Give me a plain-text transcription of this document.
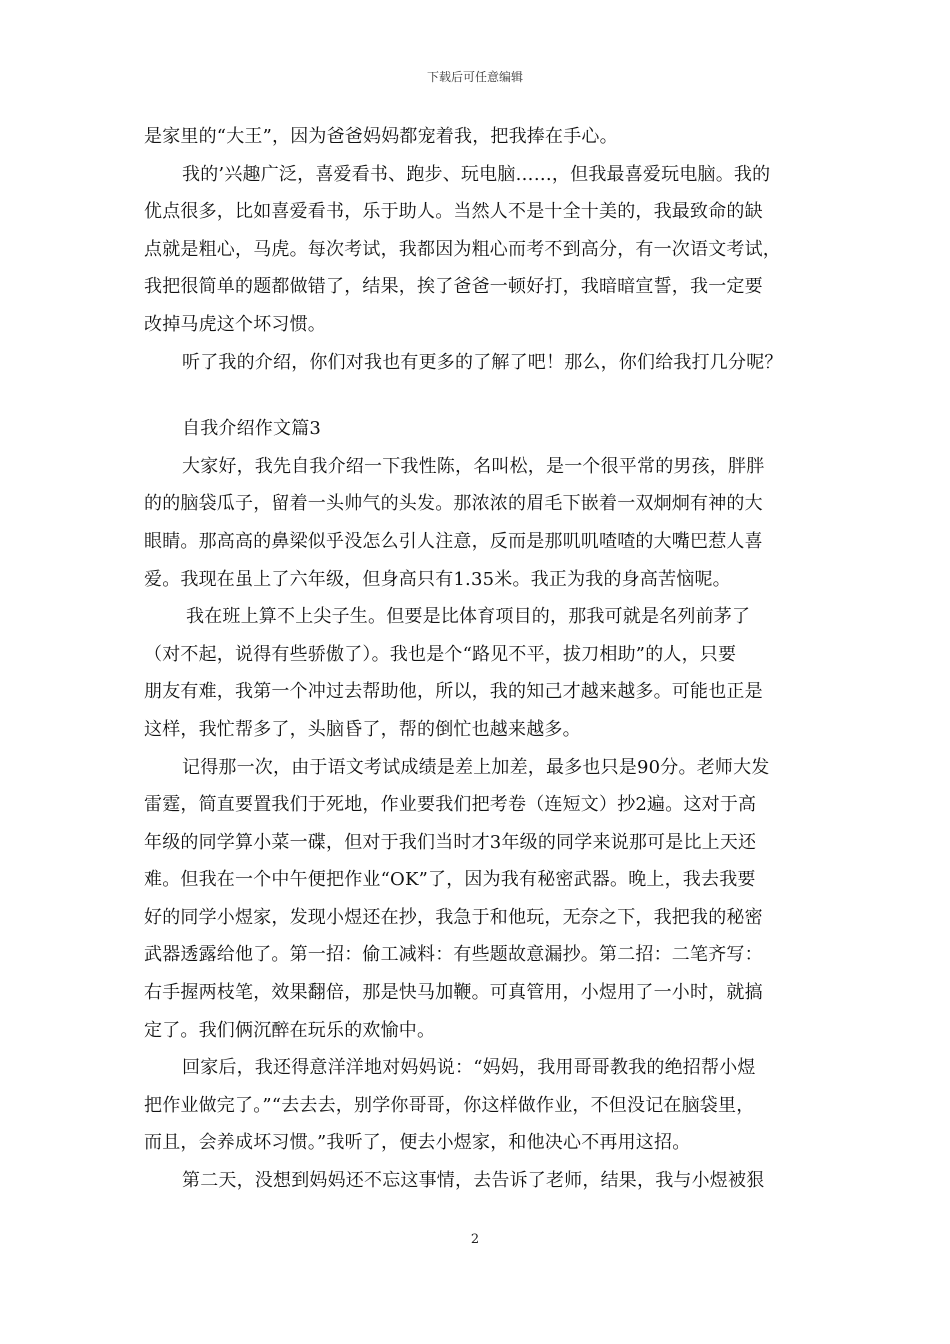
下载后可任意编辑
是家里的“大王”，因为爸爸妈妈都宠着我，把我捧在手心。
我的’兴趣广泛，喜爱看书、跑步、玩电脑……，但我最喜爱玩电脑。我的
优点很多，比如喜爱看书，乐于助人。当然人不是十全十美的，我最致命的缺
点就是粗心，马虎。每次考试，我都因为粗心而考不到高分，有一次语文考试，
我把很简单的题都做错了，结果，挨了爸爸一顿好打，我暗暗宣誓，我一定要
改掉马虎这个坏习惯。
听了我的介绍，你们对我也有更多的了解了吧！那么，你们给我打几分呢？
自我介绍作文篇3
大家好，我先自我介绍一下我性陈，名叫松，是一个很平常的男孩，胖胖
的的脑袋瓜子，留着一头帅气的头发。那浓浓的眉毛下嵌着一双炯炯有神的大
眼睛。那高高的鼻梁似乎没怎么引人注意，反而是那叽叽喳喳的大嘴巴惹人喜
爱。我现在虽上了六年级，但身高只有1.35米。我正为我的身高苦恼呢。
我在班上算不上尖子生。但要是比体育项目的，那我可就是名列前茅了
（对不起，说得有些骄傲了）。我也是个“路见不平，拔刀相助”的人，只要
朋友有难，我第一个冲过去帮助他，所以，我的知己才越来越多。可能也正是
这样，我忙帮多了，头脑昏了，帮的倒忙也越来越多。
记得那一次，由于语文考试成绩是差上加差，最多也只是90分。老师大发
雷霆，简直要置我们于死地，作业要我们把考卷（连短文）抄2遍。这对于高
年级的同学算小菜一碟，但对于我们当时才3年级的同学来说那可是比上天还
难。但我在一个中午便把作业“OK”了，因为我有秘密武器。晚上，我去我要
好的同学小煜家，发现小煜还在抄，我急于和他玩，无奈之下，我把我的秘密
武器透露给他了。第一招：偷工减料：有些题故意漏抄。第二招：二笔齐写：
右手握两枝笔，效果翻倍，那是快马加鞭。可真管用，小煜用了一小时，就搞
定了。我们俩沉醉在玩乐的欢愉中。
回家后，我还得意洋洋地对妈妈说：“妈妈，我用哥哥教我的绝招帮小煜
把作业做完了。”“去去去，别学你哥哥，你这样做作业，不但没记在脑袋里，
而且，会养成坏习惯。”我听了，便去小煜家，和他决心不再用这招。
第二天，没想到妈妈还不忘这事情，去告诉了老师，结果，我与小煜被狠
2
